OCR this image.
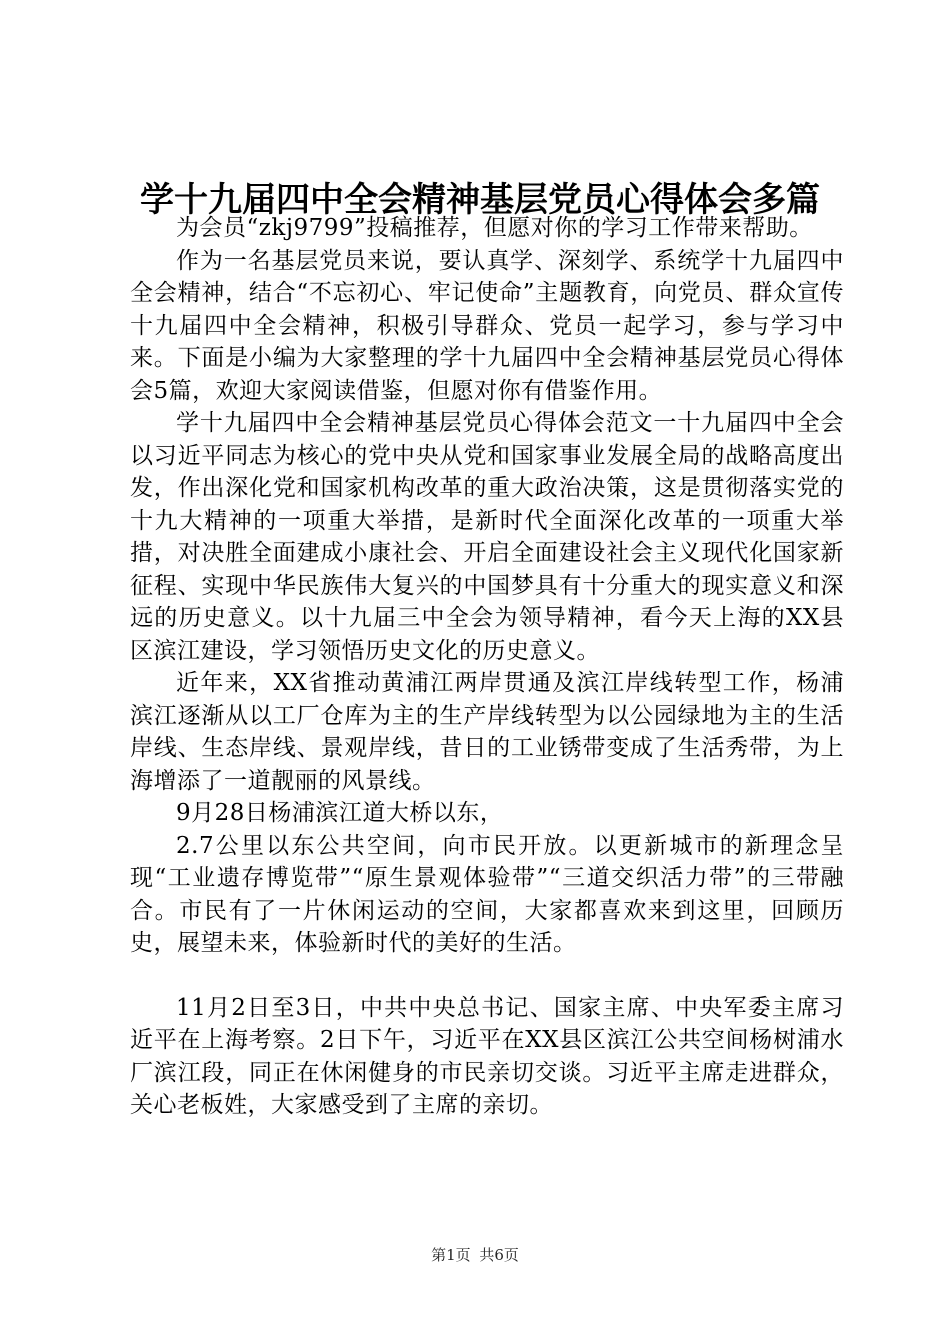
学十九届四中全会精神基层党员心得体会多篇

为会员“zkj9799”投稿推荐，但愿对你的学习工作带来帮助。

作为一名基层党员来说，要认真学、深刻学、系统学十九届四中全会精神，结合“不忘初心、牢记使命”主题教育，向党员、群众宣传十九届四中全会精神，积极引导群众、党员一起学习，参与学习中来。下面是小编为大家整理的学十九届四中全会精神基层党员心得体会5篇，欢迎大家阅读借鉴，但愿对你有借鉴作用。

学十九届四中全会精神基层党员心得体会范文一十九届四中全会以习近平同志为核心的党中央从党和国家事业发展全局的战略高度出发，作出深化党和国家机构改革的重大政治决策，这是贯彻落实党的十九大精神的一项重大举措，是新时代全面深化改革的一项重大举措，对决胜全面建成小康社会、开启全面建设社会主义现代化国家新征程、实现中华民族伟大复兴的中国梦具有十分重大的现实意义和深远的历史意义。以十九届三中全会为领导精神，看今天上海的XX县区滨江建设，学习领悟历史文化的历史意义。

近年来，XX省推动黄浦江两岸贯通及滨江岸线转型工作，杨浦滨江逐渐从以工厂仓库为主的生产岸线转型为以公园绿地为主的生活岸线、生态岸线、景观岸线，昔日的工业锈带变成了生活秀带，为上海增添了一道靓丽的风景线。

9月28日杨浦滨江道大桥以东，

2.7公里以东公共空间，向市民开放。以更新城市的新理念呈现“工业遗存博览带”“原生景观体验带”“三道交织活力带”的三带融合。市民有了一片休闲运动的空间，大家都喜欢来到这里，回顾历史，展望未来，体验新时代的美好的生活。

11月2日至3日，中共中央总书记、国家主席、中央军委主席习近平在上海考察。2日下午，习近平在XX县区滨江公共空间杨树浦水厂滨江段，同正在休闲健身的市民亲切交谈。习近平主席走进群众，关心老板姓，大家感受到了主席的亲切。

第1页 共6页
